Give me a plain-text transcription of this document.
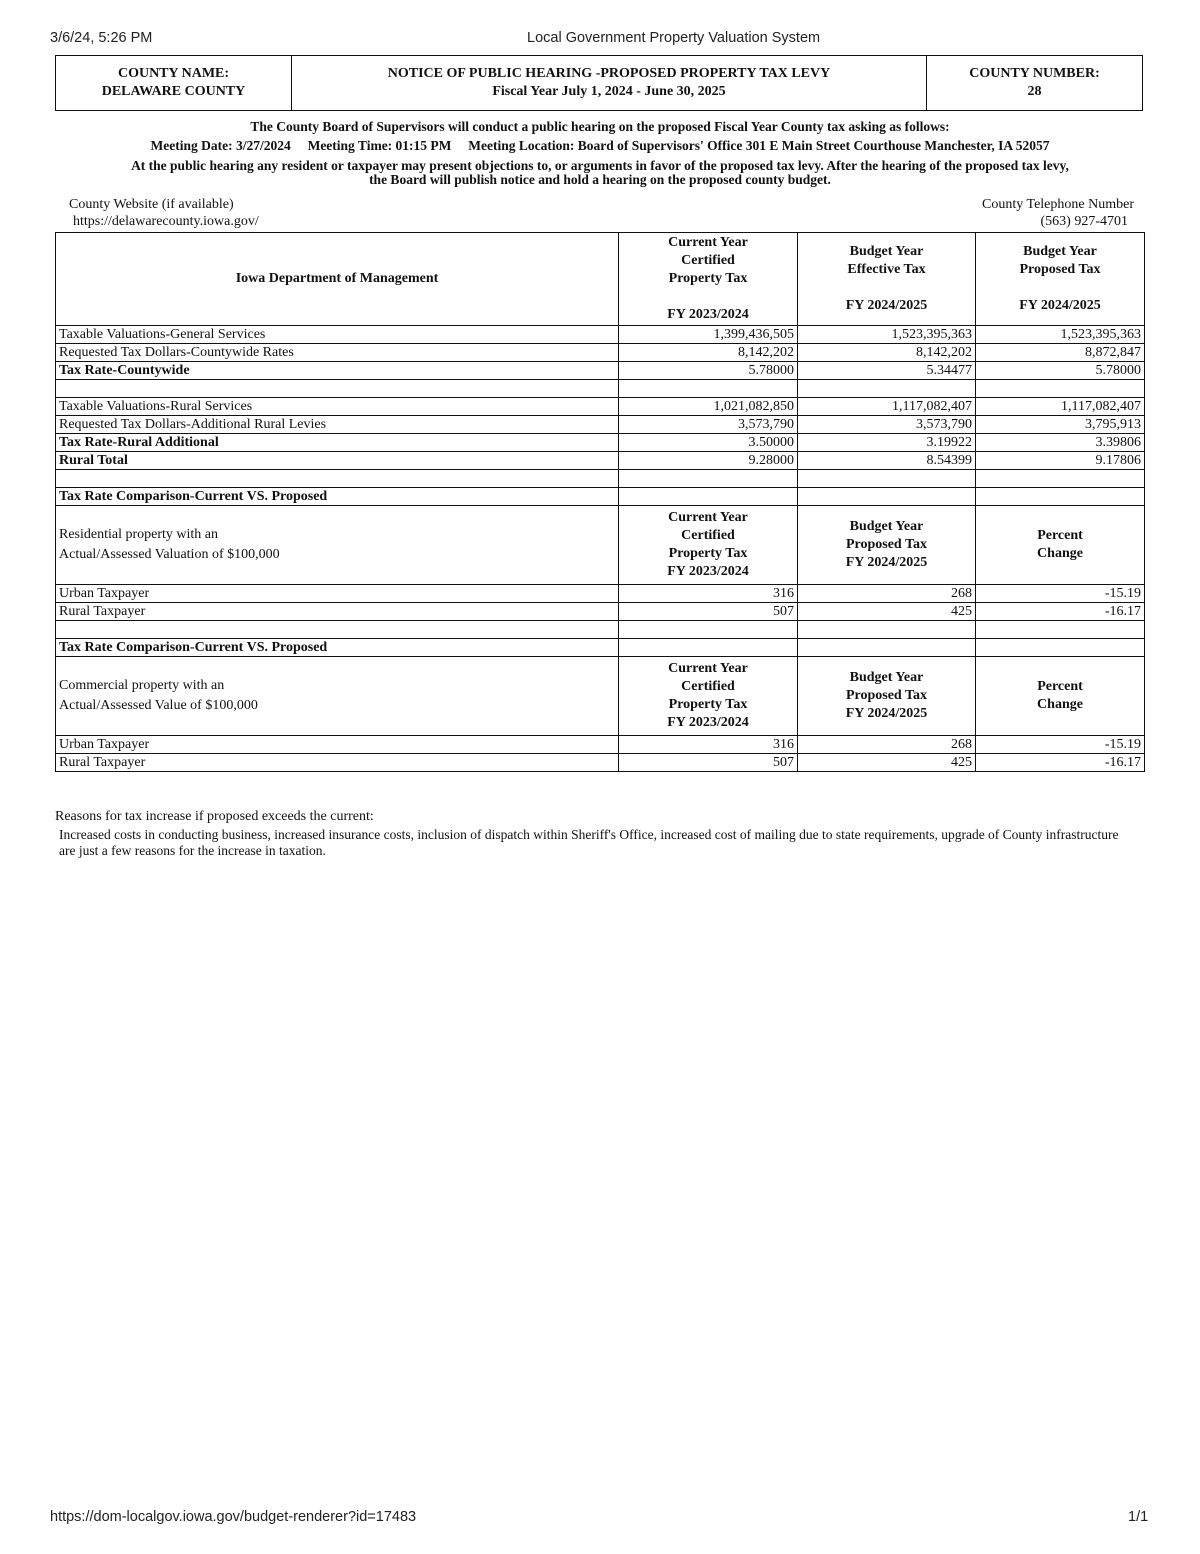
3/6/24, 5:26 PM	Local Government Property Valuation System
COUNTY NAME:
DELAWARE COUNTY
NOTICE OF PUBLIC HEARING -PROPOSED PROPERTY TAX LEVY
Fiscal Year July 1, 2024 - June 30, 2025
COUNTY NUMBER:
28
The County Board of Supervisors will conduct a public hearing on the proposed Fiscal Year County tax asking as follows:
Meeting Date: 3/27/2024     Meeting Time: 01:15 PM     Meeting Location: Board of Supervisors' Office 301 E Main Street Courthouse Manchester, IA 52057
At the public hearing any resident or taxpayer may present objections to, or arguments in favor of the proposed tax levy. After the hearing of the proposed tax levy,
the Board will publish notice and hold a hearing on the proposed county budget.
County Website (if available)
https://delawarecounty.iowa.gov/
County Telephone Number
(563) 927-4701
Iowa Department of Management	Current Year
Certified
Property Tax

FY 2023/2024	Budget Year
Effective Tax

FY 2024/2025	Budget Year
Proposed Tax

FY 2024/2025
Taxable Valuations-General Services	1,399,436,505	1,523,395,363	1,523,395,363
Requested Tax Dollars-Countywide Rates	8,142,202	8,142,202	8,872,847
Tax Rate-Countywide	5.78000	5.34477	5.78000

Taxable Valuations-Rural Services	1,021,082,850	1,117,082,407	1,117,082,407
Requested Tax Dollars-Additional Rural Levies	3,573,790	3,573,790	3,795,913
Tax Rate-Rural Additional	3.50000	3.19922	3.39806
Rural Total	9.28000	8.54399	9.17806

Tax Rate Comparison-Current VS. Proposed			
Residential property with an
Actual/Assessed Valuation of $100,000	Current Year
Certified
Property Tax
FY 2023/2024	Budget Year
Proposed Tax
FY 2024/2025	Percent
Change
Urban Taxpayer	316	268	-15.19
Rural Taxpayer	507	425	-16.17

Tax Rate Comparison-Current VS. Proposed			
Commercial property with an
Actual/Assessed Value of $100,000	Current Year
Certified
Property Tax
FY 2023/2024	Budget Year
Proposed Tax
FY 2024/2025	Percent
Change
Urban Taxpayer	316	268	-15.19
Rural Taxpayer	507	425	-16.17
Reasons for tax increase if proposed exceeds the current:
Increased costs in conducting business, increased insurance costs, inclusion of dispatch within Sheriff's Office, increased cost of mailing due to state requirements, upgrade of County infrastructure are just a few reasons for the increase in taxation.
https://dom-localgov.iowa.gov/budget-renderer?id=17483	1/1
